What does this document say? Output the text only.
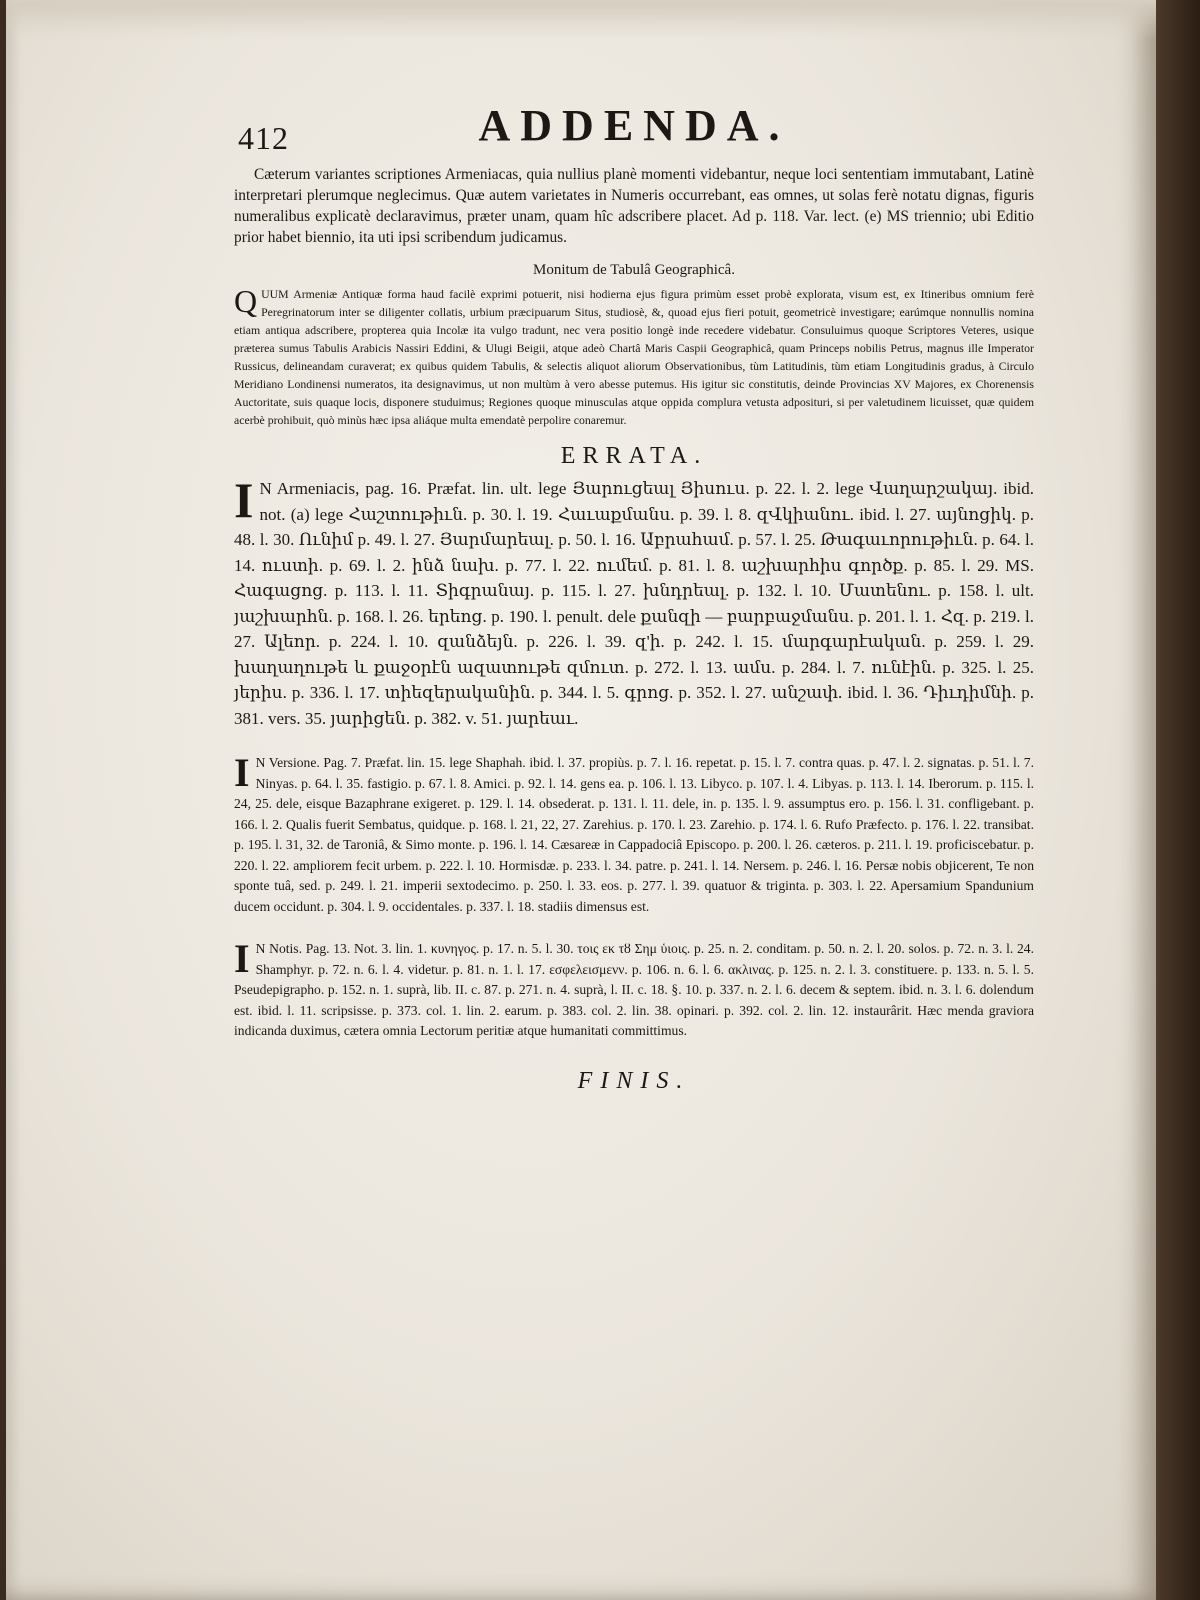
412	ADDENDA.

Cæterum variantes scriptiones Armeniacas, quia nullius planè momenti videbantur, neque loci sententiam immutabant, Latinè interpretari plerumque neglecimus. Quæ autem varietates in Numeris occurrebant, eas omnes, ut solas ferè notatu dignas, figuris numeralibus explicatè declaravimus, præter unam, quam hîc adscribere placet. Ad p. 118. Var. lect. (e) MS triennio; ubi Editio prior habet biennio, ita uti ipsi scribendum judicamus.

Monitum de Tabulâ Geographicâ.

Q UUM Armeniæ Antiquæ forma haud facilè exprimi potuerit, nisi hodierna ejus figura primùm esset probè explorata, visum est, ex Itineribus omnium ferè Peregrinatorum inter se diligenter collatis, urbium præcipuarum Situs, studiosè, &, quoad ejus fieri potuit, geometricè investigare; earúmque nonnullis nomina etiam antiqua adscribere, propterea quia Incolæ ita vulgo tradunt, nec vera positio longè inde recedere videbatur. Consuluimus quoque Scriptores Veteres, usique præterea sumus Tabulis Arabicis Nassiri Eddini, & Ulugi Beigii, atque adeò Chartâ Maris Caspii Geographicâ, quam Princeps nobilis Petrus, magnus ille Imperator Russicus, delineandam curaverat; ex quibus quidem Tabulis, & selectis aliquot aliorum Observationibus, tùm Latitudinis, tùm etiam Longitudinis gradus, à Circulo Meridiano Londinensi numeratos, ita designavimus, ut non multùm à vero abesse putemus. His igitur sic constitutis, deinde Provincias XV Majores, ex Chorenensis Auctoritate, suis quaque locis, disponere studuimus; Regiones quoque minusculas atque oppida complura vetusta adposituri, si per valetudinem licuisset, quæ quidem acerbè prohibuit, quò minùs hæc ipsa aliáque multa emendatè perpolire conaremur.

ERRATA.

I N Armeniacis, pag. 16. Præfat. lin. ult. lege Յարուցեալ Յիսուս. p. 22. l. 2. lege Վաղարշակայ. ibid. not. (a) lege Հաշտութիւն. p. 30. l. 19. Հաւաքմանս. p. 39. l. 8. զՎկիանու. ibid. l. 27. այնոցիկ. p. 48. l. 30. Ունիմ p. 49. l. 27. Յարմարեալ. p. 50. l. 16. Աբրահամ. p. 57. l. 25. Թագաւորութիւն. p. 64. l. 14. ուստի. p. 69. l. 2. ինձ նախ. p. 77. l. 22. ումեմ. p. 81. l. 8. աշխարհիս գործք. p. 85. l. 29. MS. Հագացոց. p. 113. l. 11. Տիգրանայ. p. 115. l. 27. խնդրեալ. p. 132. l. 10. Մատենու. p. 158. l. ult. յաշխարհն. p. 168. l. 26. երեոց. p. 190. l. penult. dele քանզի — բարբաջմանս. p. 201. l. 1. Հզ. p. 219. l. 27. Ալեոր. p. 224. l. 10. զանձեյն. p. 226. l. 39. զ'ի. p. 242. l. 15. մարգարէական. p. 259. l. 29. խաղաղութե և քաջօրէն ազատութե զմուտ. p. 272. l. 13. ամս. p. 284. l. 7. ունէին. p. 325. l. 25. յերիս. p. 336. l. 17. տիեզերականին. p. 344. l. 5. գրոց. p. 352. l. 27. անշափ. ibid. l. 36. Դիւդիմնի. p. 381. vers. 35. յարիցեն. p. 382. v. 51. յարեաւ.

I N Versione. Pag. 7. Præfat. lin. 15. lege Shaphah. ibid. l. 37. propiùs. p. 7. l. 16. repetat. p. 15. l. 7. contra quas. p. 47. l. 2. signatas. p. 51. l. 7. Ninyas. p. 64. l. 35. fastigio. p. 67. l. 8. Amici. p. 92. l. 14. gens ea. p. 106. l. 13. Libyco. p. 107. l. 4. Libyas. p. 113. l. 14. Iberorum. p. 115. l. 24, 25. dele, eisque Bazaphrane exigeret. p. 129. l. 14. obsederat. p. 131. l. 11. dele, in. p. 135. l. 9. assumptus ero. p. 156. l. 31. confligebant. p. 166. l. 2. Qualis fuerit Sembatus, quidque. p. 168. l. 21, 22, 27. Zarehius. p. 170. l. 23. Zarehio. p. 174. l. 6. Rufo Præfecto. p. 176. l. 22. transibat. p. 195. l. 31, 32. de Taroniâ, & Simo monte. p. 196. l. 14. Cæsareæ in Cappadociâ Episcopo. p. 200. l. 26. cæteros. p. 211. l. 19. proficiscebatur. p. 220. l. 22. ampliorem fecit urbem. p. 222. l. 10. Hormisdæ. p. 233. l. 34. patre. p. 241. l. 14. Nersem. p. 246. l. 16. Persæ nobis objicerent, Te non sponte tuâ, sed. p. 249. l. 21. imperii sextodecimo. p. 250. l. 33. eos. p. 277. l. 39. quatuor & triginta. p. 303. l. 22. Apersamium Spandunium ducem occidunt. p. 304. l. 9. occidentales. p. 337. l. 18. stadiis dimensus est.

I N Notis. Pag. 13. Not. 3. lin. 1. κυνηγος. p. 17. n. 5. l. 30. τοις εκ τȣ Σημ ὑιοις. p. 25. n. 2. conditam. p. 50. n. 2. l. 20. solos. p. 72. n. 3. l. 24. Shamphyr. p. 72. n. 6. l. 4. videtur. p. 81. n. 1. l. 17. εσφελεισμενν. p. 106. n. 6. l. 6. ακλινας. p. 125. n. 2. l. 3. constituere. p. 133. n. 5. l. 5. Pseudepigrapho. p. 152. n. 1. suprà, lib. II. c. 87. p. 271. n. 4. suprà, l. II. c. 18. §. 10. p. 337. n. 2. l. 6. decem & septem. ibid. n. 3. l. 6. dolendum est. ibid. l. 11. scripsisse. p. 373. col. 1. lin. 2. earum. p. 383. col. 2. lin. 38. opinari. p. 392. col. 2. lin. 12. instaurârit. Hæc menda graviora indicanda duximus, cætera omnia Lectorum peritiæ atque humanitati committimus.

FINIS.
